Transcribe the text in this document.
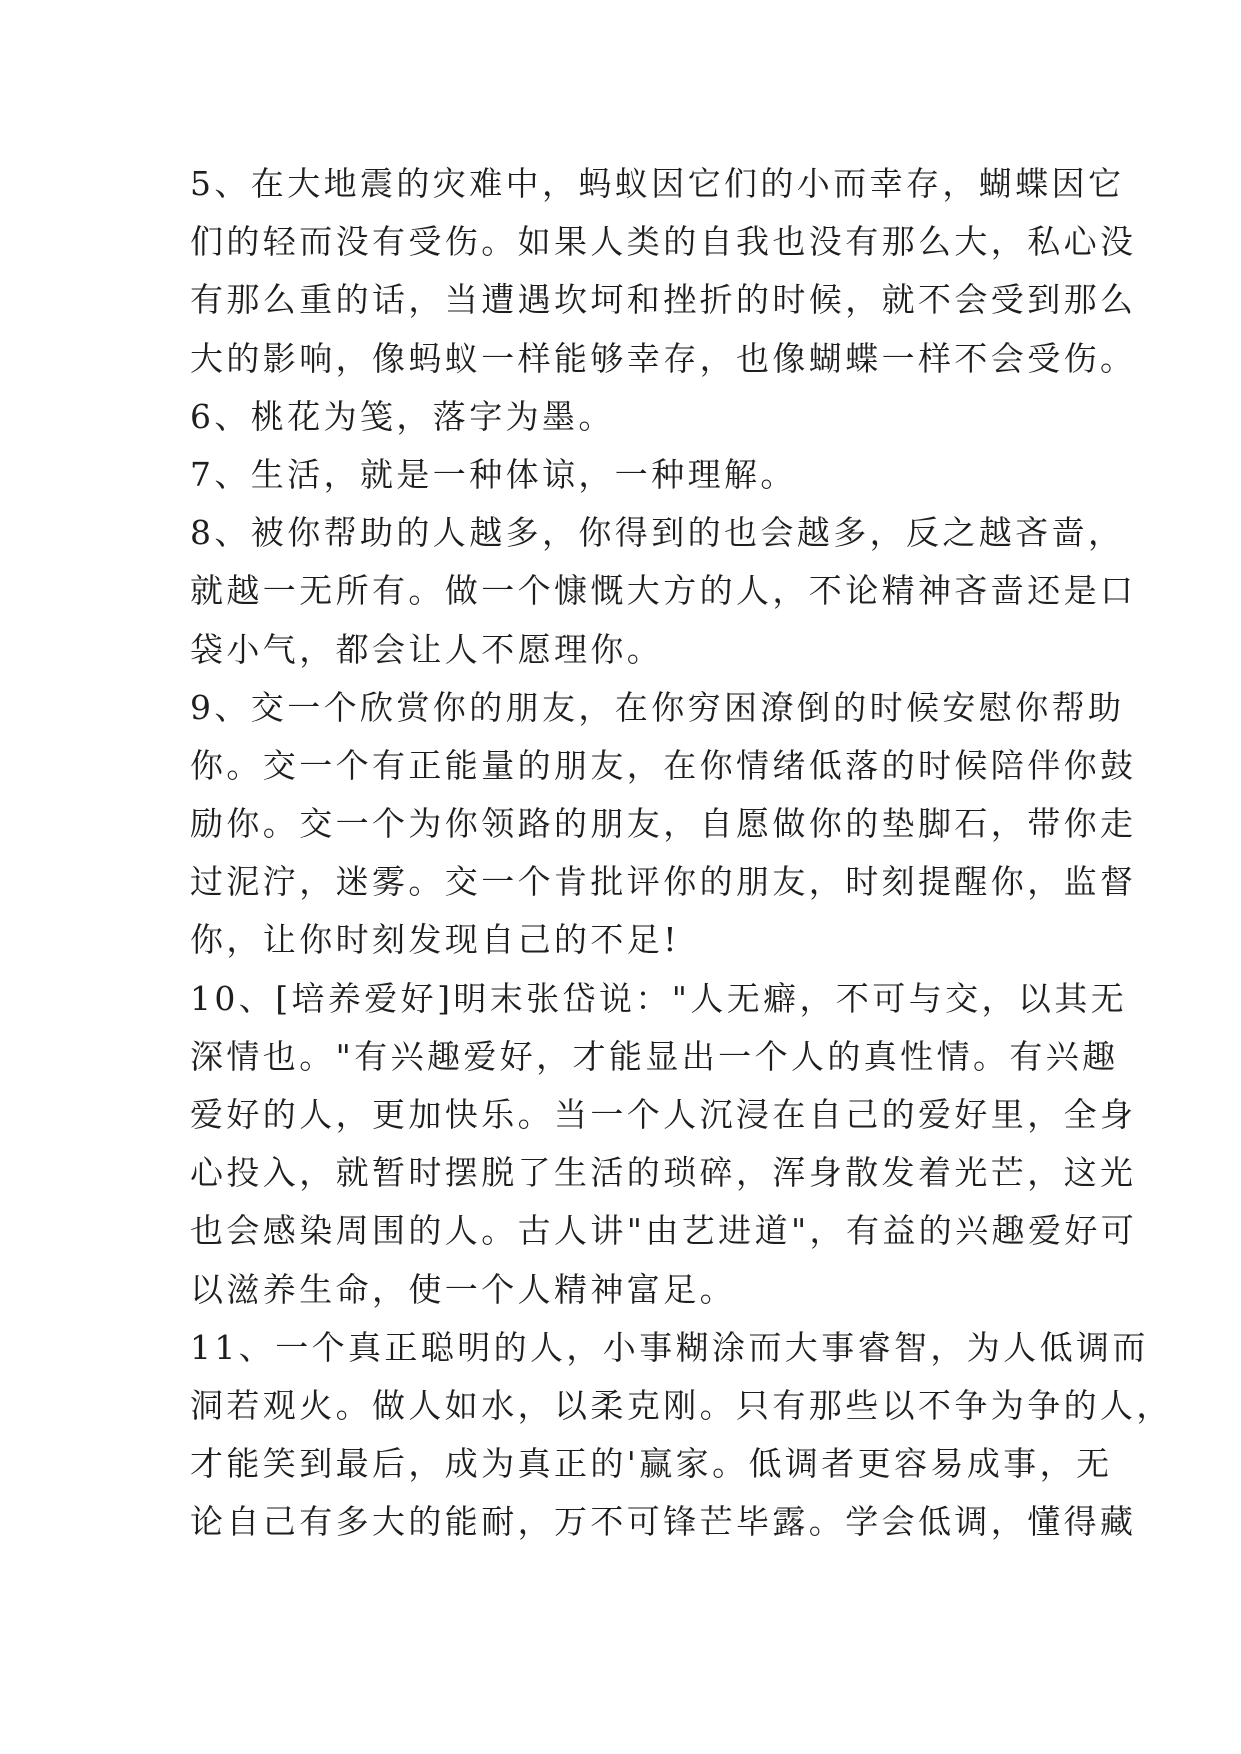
5、在大地震的灾难中，蚂蚁因它们的小而幸存，蝴蝶因它
们的轻而没有受伤。如果人类的自我也没有那么大，私心没
有那么重的话，当遭遇坎坷和挫折的时候，就不会受到那么
大的影响，像蚂蚁一样能够幸存，也像蝴蝶一样不会受伤。
6、桃花为笺，落字为墨。
7、生活，就是一种体谅，一种理解。
8、被你帮助的人越多，你得到的也会越多，反之越吝啬，
就越一无所有。做一个慷慨大方的人，不论精神吝啬还是口
袋小气，都会让人不愿理你。
9、交一个欣赏你的朋友，在你穷困潦倒的时候安慰你帮助
你。交一个有正能量的朋友，在你情绪低落的时候陪伴你鼓
励你。交一个为你领路的朋友，自愿做你的垫脚石，带你走
过泥泞，迷雾。交一个肯批评你的朋友，时刻提醒你，监督
你，让你时刻发现自己的不足!
10、[培养爱好]明末张岱说："人无癖，不可与交，以其无
深情也。"有兴趣爱好，才能显出一个人的真性情。有兴趣
爱好的人，更加快乐。当一个人沉浸在自己的爱好里，全身
心投入，就暂时摆脱了生活的琐碎，浑身散发着光芒，这光
也会感染周围的人。古人讲"由艺进道"，有益的兴趣爱好可
以滋养生命，使一个人精神富足。
11、一个真正聪明的人，小事糊涂而大事睿智，为人低调而
洞若观火。做人如水，以柔克刚。只有那些以不争为争的人，
才能笑到最后，成为真正的'赢家。低调者更容易成事，无
论自己有多大的能耐，万不可锋芒毕露。学会低调，懂得藏
